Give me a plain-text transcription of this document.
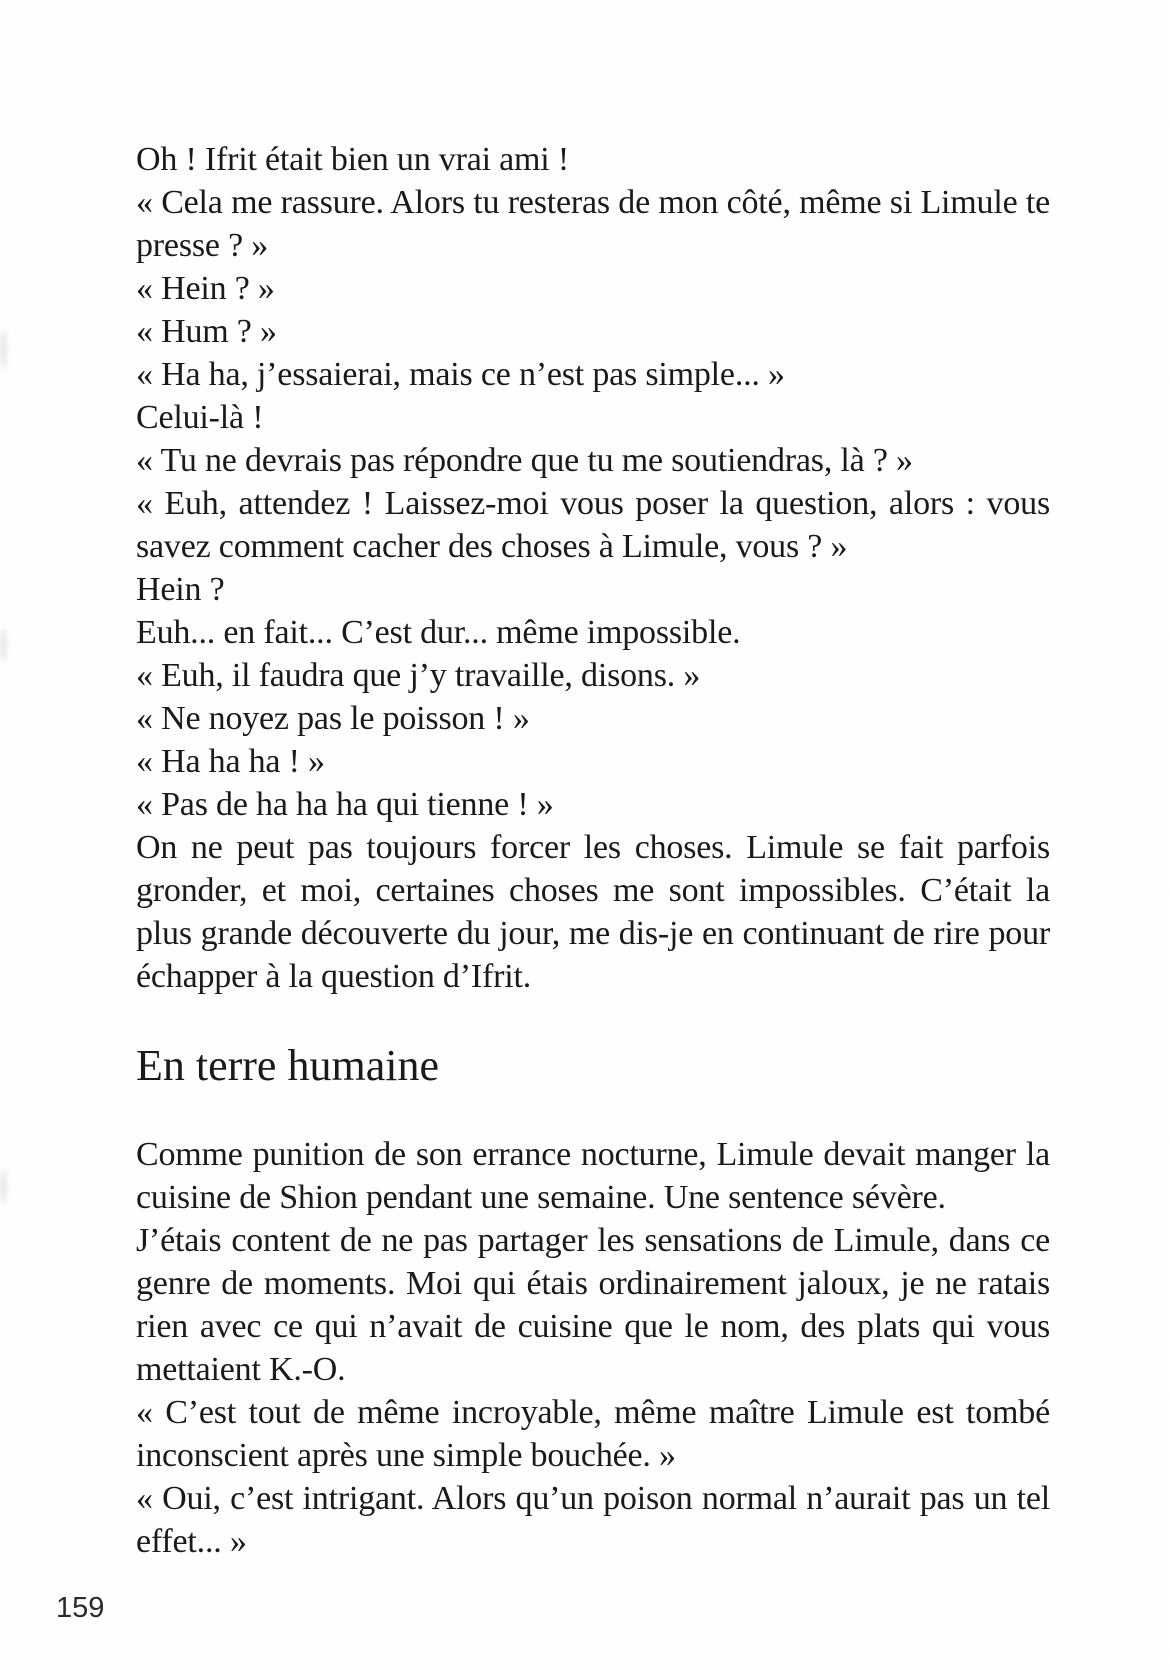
Oh ! Ifrit était bien un vrai ami !

« Cela me rassure. Alors tu resteras de mon côté, même si Limule te presse ? »

« Hein ? »

« Hum ? »

« Ha ha, j’essaierai, mais ce n’est pas simple... »

Celui-là !

« Tu ne devrais pas répondre que tu me soutiendras, là ? »

« Euh, attendez ! Laissez-moi vous poser la question, alors : vous savez comment cacher des choses à Limule, vous ? »

Hein ?

Euh... en fait... C’est dur... même impossible.

« Euh, il faudra que j’y travaille, disons. »

« Ne noyez pas le poisson ! »

« Ha ha ha ! »

« Pas de ha ha ha qui tienne ! »

On ne peut pas toujours forcer les choses. Limule se fait parfois gronder, et moi, certaines choses me sont impossibles. C’était la plus grande découverte du jour, me dis-je en continuant de rire pour échapper à la question d’Ifrit.

En terre humaine

Comme punition de son errance nocturne, Limule devait manger la cuisine de Shion pendant une semaine. Une sentence sévère.

J’étais content de ne pas partager les sensations de Limule, dans ce genre de moments. Moi qui étais ordinairement jaloux, je ne ratais rien avec ce qui n’avait de cuisine que le nom, des plats qui vous mettaient K.-O.

« C’est tout de même incroyable, même maître Limule est tombé inconscient après une simple bouchée. »

« Oui, c’est intrigant. Alors qu’un poison normal n’aurait pas un tel effet... »

159
